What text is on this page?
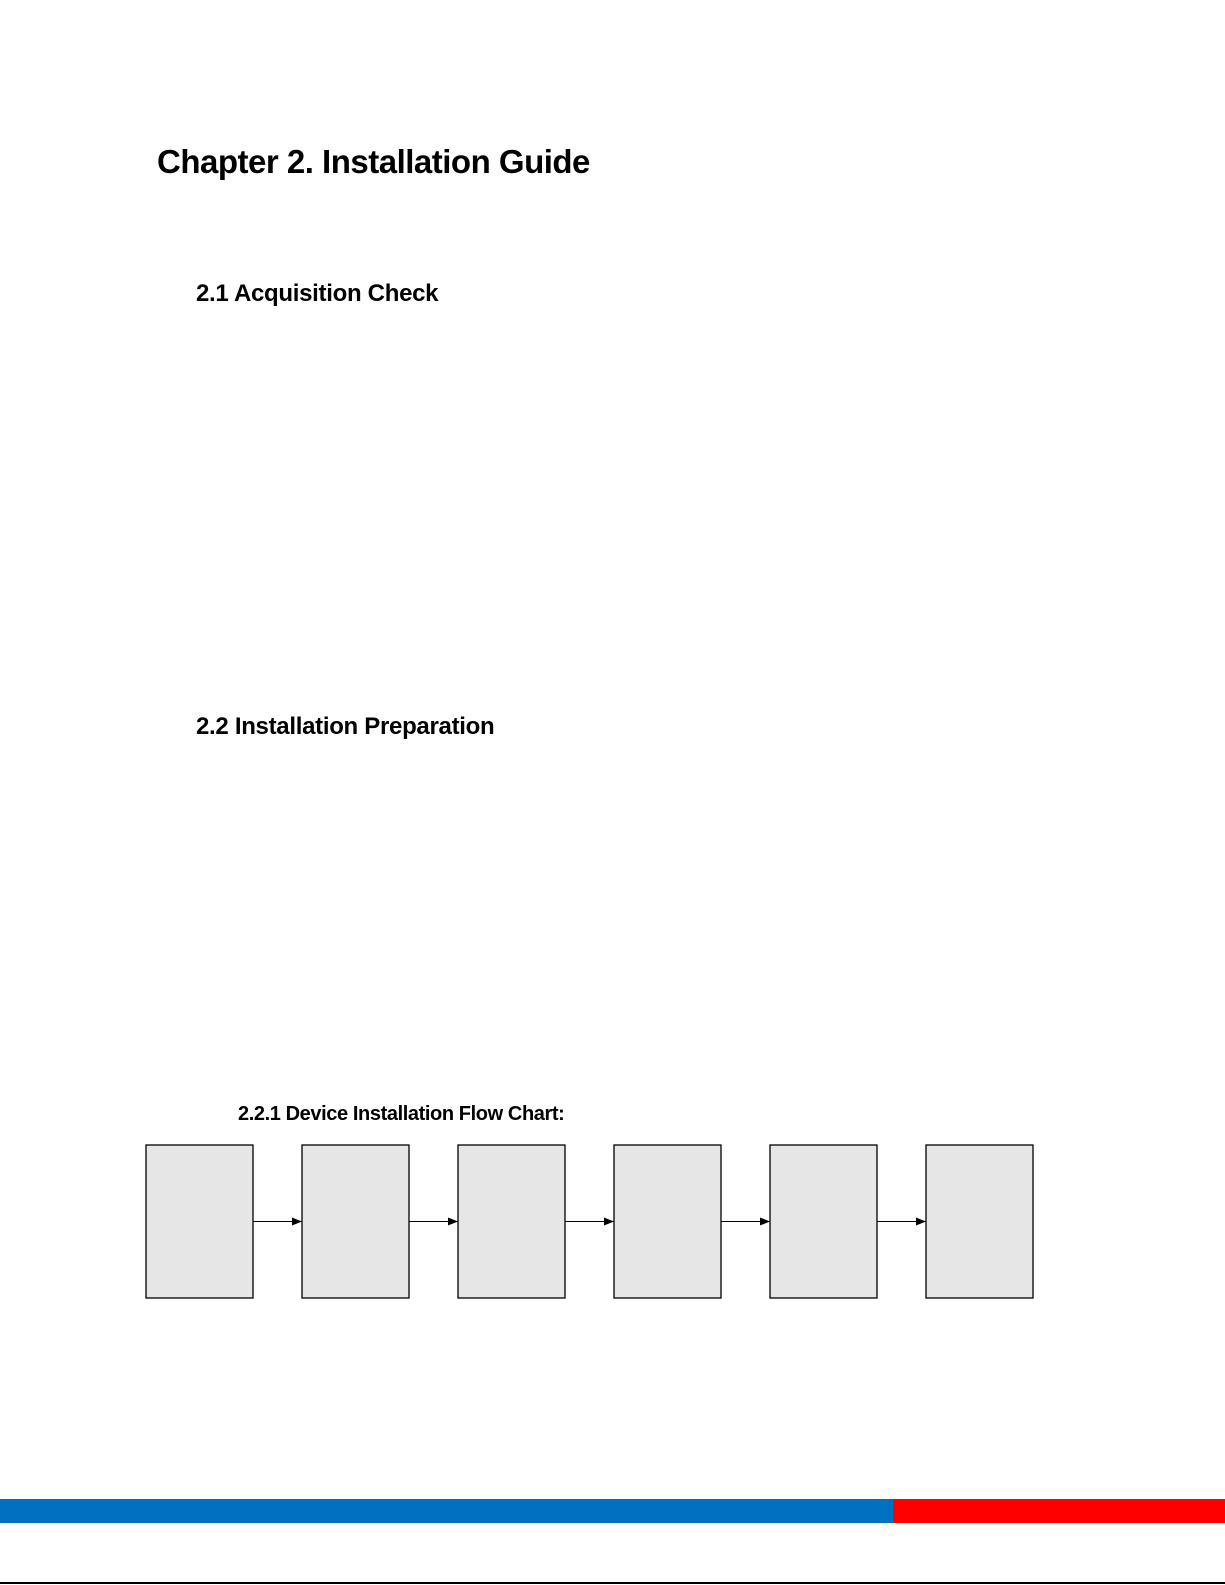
Chapter 2. Installation Guide
2.1 Acquisition Check
2.2 Installation Preparation
2.2.1 Device Installation Flow Chart:
